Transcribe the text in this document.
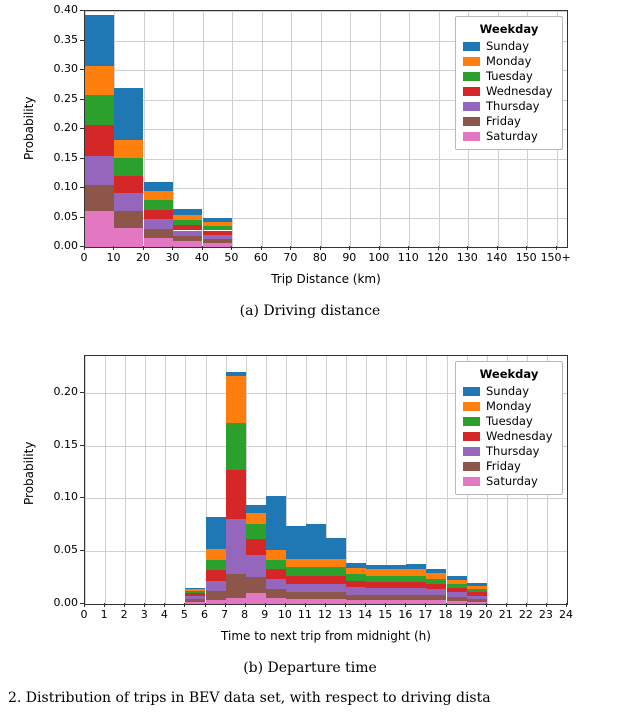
Probability
0.00
0.05
0.10
0.15
0.20
0.25
0.30
0.35
0.40
0	10	20	30	40	50	60	70	80	90	100 110 120 130 140 150 150+
Trip Distance (km)
(a) Driving distance
Weekday
Sunday
Monday
Tuesday
Wednesday
Thursday
Friday
Saturday
Probability
0.00
0.05
0.10
0.15
0.20
0	1	2	3	4	5	6	7	8	9 10 11 12 13 14 15 16 17 18 19 20 21 22 23 24
Time to next trip from midnight (h)
(b) Departure time
Weekday
Sunday
Monday
Tuesday
Wednesday
Thursday
Friday
Saturday
2. Distribution of trips in BEV data set, with respect to driving dista
